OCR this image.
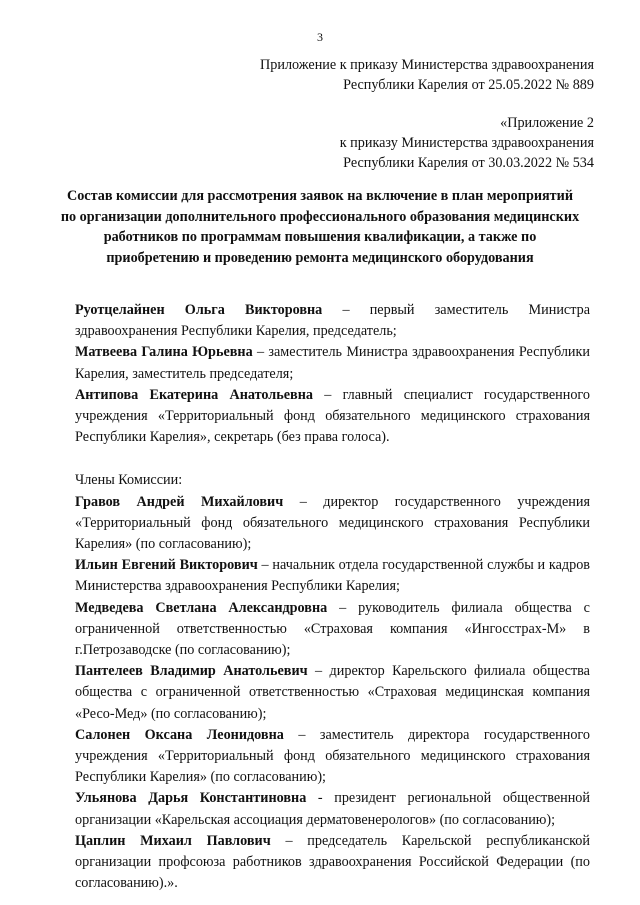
3
Приложение к приказу Министерства здравоохранения
Республики Карелия от 25.05.2022 № 889
«Приложение 2
к приказу Министерства здравоохранения
Республики Карелия от 30.03.2022 № 534
Состав комиссии для рассмотрения заявок на включение в план мероприятий по организации дополнительного профессионального образования медицинских работников по программам повышения квалификации, а также по приобретению и проведению ремонта медицинского оборудования
Руотцелайнен Ольга Викторовна – первый заместитель Министра здравоохранения Республики Карелия, председатель;
Матвеева Галина Юрьевна – заместитель Министра здравоохранения Республики Карелия, заместитель председателя;
Антипова Екатерина Анатольевна – главный специалист государственного учреждения «Территориальный фонд обязательного медицинского страхования Республики Карелия», секретарь (без права голоса).
Члены Комиссии:
Гравов Андрей Михайлович – директор государственного учреждения «Территориальный фонд обязательного медицинского страхования Республики Карелия» (по согласованию);
Ильин Евгений Викторович – начальник отдела государственной службы и кадров Министерства здравоохранения Республики Карелия;
Медведева Светлана Александровна – руководитель филиала общества с ограниченной ответственностью «Страховая компания «Ингосстрах-М» в г.Петрозаводске (по согласованию);
Пантелеев Владимир Анатольевич – директор Карельского филиала общества общества с ограниченной ответственностью «Страховая медицинская компания «Ресо-Мед» (по согласованию);
Салонен Оксана Леонидовна – заместитель директора государственного учреждения «Территориальный фонд обязательного медицинского страхования Республики Карелия» (по согласованию);
Ульянова Дарья Константиновна - президент региональной общественной организации «Карельская ассоциация дерматовенерологов» (по согласованию);
Цаплин Михаил Павлович – председатель Карельской республиканской организации профсоюза работников здравоохранения Российской Федерации (по согласованию).».
